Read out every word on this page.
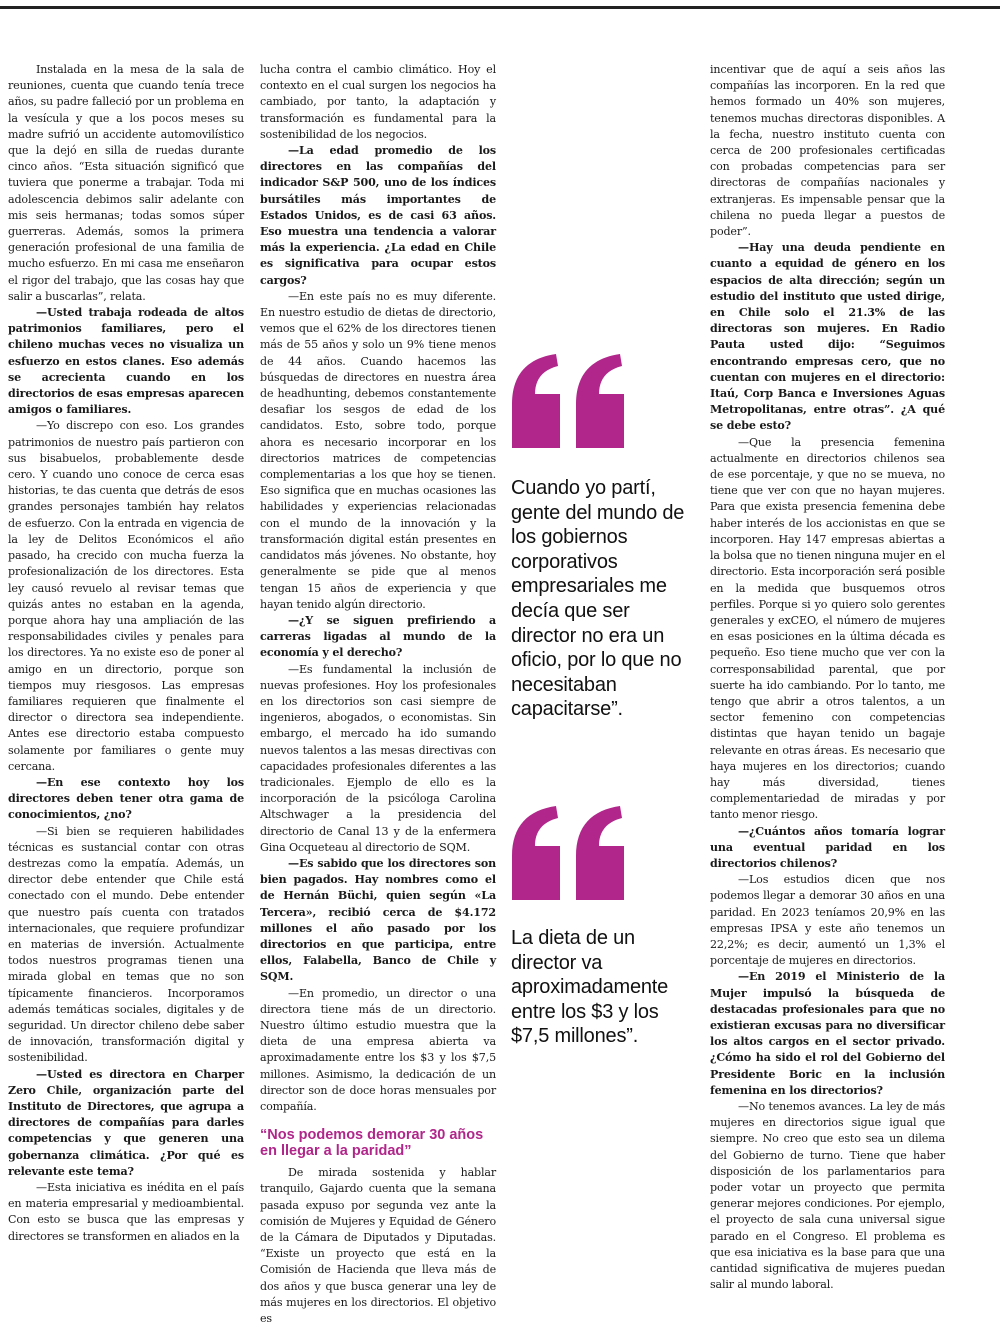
Instalada en la mesa de la sala de reuniones, cuenta que cuando tenía trece años, su padre falleció por un problema en la vesícula y que a los pocos meses su madre sufrió un accidente automovilístico que la dejó en silla de ruedas durante cinco años. “Esta situación significó que tuviera que ponerme a trabajar. Toda mi adolescencia debimos salir adelante con mis seis hermanas; todas somos súper guerreras. Además, somos la primera generación profesional de una familia de mucho esfuerzo. En mi casa me enseñaron el rigor del trabajo, que las cosas hay que salir a buscarlas”, relata.

—Usted trabaja rodeada de altos patrimonios familiares, pero el chileno muchas veces no visualiza un esfuerzo en estos clanes. Eso además se acrecienta cuando en los directorios de esas empresas aparecen amigos o familiares.

—Yo discrepo con eso. Los grandes patrimonios de nuestro país partieron con sus bisabuelos, probablemente desde cero. Y cuando uno conoce de cerca esas historias, te das cuenta que detrás de esos grandes personajes también hay relatos de esfuerzo. Con la entrada en vigencia de la ley de Delitos Económicos el año pasado, ha crecido con mucha fuerza la profesionalización de los directores. Esta ley causó revuelo al revisar temas que quizás antes no estaban en la agenda, porque ahora hay una ampliación de las responsabilidades civiles y penales para los directores. Ya no existe eso de poner al amigo en un directorio, porque son tiempos muy riesgosos. Las empresas familiares requieren que finalmente el director o directora sea independiente. Antes ese directorio estaba compuesto solamente por familiares o gente muy cercana.

—En ese contexto hoy los directores deben tener otra gama de conocimientos, ¿no?

—Si bien se requieren habilidades técnicas es sustancial contar con otras destrezas como la empatía. Además, un director debe entender que Chile está conectado con el mundo. Debe entender que nuestro país cuenta con tratados internacionales, que requiere profundizar en materias de inversión. Actualmente todos nuestros programas tienen una mirada global en temas que no son típicamente financieros. Incorporamos además temáticas sociales, digitales y de seguridad. Un director chileno debe saber de innovación, transformación digital y sostenibilidad.

—Usted es directora en Charper Zero Chile, organización parte del Instituto de Directores, que agrupa a directores de compañías para darles competencias y que generen una gobernanza climática. ¿Por qué es relevante este tema?

—Esta iniciativa es inédita en el país en materia empresarial y medioambiental. Con esto se busca que las empresas y directores se transformen en aliados en la

lucha contra el cambio climático. Hoy el contexto en el cual surgen los negocios ha cambiado, por tanto, la adaptación y transformación es fundamental para la sostenibilidad de los negocios.

—La edad promedio de los directores en las compañías del indicador S&P 500, uno de los índices bursátiles más importantes de Estados Unidos, es de casi 63 años. Eso muestra una tendencia a valorar más la experiencia. ¿La edad en Chile es significativa para ocupar estos cargos?

—En este país no es muy diferente. En nuestro estudio de dietas de directorio, vemos que el 62% de los directores tienen más de 55 años y solo un 9% tiene menos de 44 años. Cuando hacemos las búsquedas de directores en nuestra área de headhunting, debemos constantemente desafiar los sesgos de edad de los candidatos. Esto, sobre todo, porque ahora es necesario incorporar en los directorios matrices de competencias complementarias a los que hoy se tienen. Eso significa que en muchas ocasiones las habilidades y experiencias relacionadas con el mundo de la innovación y la transformación digital están presentes en candidatos más jóvenes. No obstante, hoy generalmente se pide que al menos tengan 15 años de experiencia y que hayan tenido algún directorio.

—¿Y se siguen prefiriendo a carreras ligadas al mundo de la economía y el derecho?

—Es fundamental la inclusión de nuevas profesiones. Hoy los profesionales en los directorios son casi siempre de ingenieros, abogados, o economistas. Sin embargo, el mercado ha ido sumando nuevos talentos a las mesas directivas con capacidades profesionales diferentes a las tradicionales. Ejemplo de ello es la incorporación de la psicóloga Carolina Altschwager a la presidencia del directorio de Canal 13 y de la enfermera Gina Ocqueteau al directorio de SQM.

—Es sabido que los directores son bien pagados. Hay nombres como el de Hernán Büchi, quien según «La Tercera», recibió cerca de $4.172 millones el año pasado por los directorios en que participa, entre ellos, Falabella, Banco de Chile y SQM.

—En promedio, un director o una directora tiene más de un directorio. Nuestro último estudio muestra que la dieta de una empresa abierta va aproximadamente entre los $3 y los $7,5 millones. Asimismo, la dedicación de un director son de doce horas mensuales por compañía.

“Nos podemos demorar 30 años en llegar a la paridad”

De mirada sostenida y hablar tranquilo, Gajardo cuenta que la semana pasada expuso por segunda vez ante la comisión de Mujeres y Equidad de Género de la Cámara de Diputados y Diputadas. “Existe un proyecto que está en la Comisión de Hacienda que lleva más de dos años y que busca generar una ley de más mujeres en los directorios. El objetivo es

Cuando yo partí, gente del mundo de los gobiernos corporativos empresariales me decía que ser director no era un oficio, por lo que no necesitaban capacitarse”.
La dieta de un director va aproximadamente entre los $3 y los $7,5 millones”.

incentivar que de aquí a seis años las compañías las incorporen. En la red que hemos formado un 40% son mujeres, tenemos muchas directoras disponibles. A la fecha, nuestro instituto cuenta con cerca de 200 profesionales certificadas con probadas competencias para ser directoras de compañías nacionales y extranjeras. Es impensable pensar que la chilena no pueda llegar a puestos de poder”.

—Hay una deuda pendiente en cuanto a equidad de género en los espacios de alta dirección; según un estudio del instituto que usted dirige, en Chile solo el 21.3% de las directoras son mujeres. En Radio Pauta usted dijo: “Seguimos encontrando empresas cero, que no cuentan con mujeres en el directorio: Itaú, Corp Banca e Inversiones Aguas Metropolitanas, entre otras”. ¿A qué se debe esto?

—Que la presencia femenina actualmente en directorios chilenos sea de ese porcentaje, y que no se mueva, no tiene que ver con que no hayan mujeres. Para que exista presencia femenina debe haber interés de los accionistas en que se incorporen. Hay 147 empresas abiertas a la bolsa que no tienen ninguna mujer en el directorio. Esta incorporación será posible en la medida que busquemos otros perfiles. Porque si yo quiero solo gerentes generales y exCEO, el número de mujeres en esas posiciones en la última década es pequeño. Eso tiene mucho que ver con la corresponsabilidad parental, que por suerte ha ido cambiando. Por lo tanto, me tengo que abrir a otros talentos, a un sector femenino con competencias distintas que hayan tenido un bagaje relevante en otras áreas. Es necesario que haya mujeres en los directorios; cuando hay más diversidad, tienes complementariedad de miradas y por tanto menor riesgo.

—¿Cuántos años tomaría lograr una eventual paridad en los directorios chilenos?

—Los estudios dicen que nos podemos llegar a demorar 30 años en una paridad. En 2023 teníamos 20,9% en las empresas IPSA y este año tenemos un 22,2%; es decir, aumentó un 1,3% el porcentaje de mujeres en directorios.

—En 2019 el Ministerio de la Mujer impulsó la búsqueda de destacadas profesionales para que no existieran excusas para no diversificar los altos cargos en el sector privado. ¿Cómo ha sido el rol del Gobierno del Presidente Boric en la inclusión femenina en los directorios?

—No tenemos avances. La ley de más mujeres en directorios sigue igual que siempre. No creo que esto sea un dilema del Gobierno de turno. Tiene que haber disposición de los parlamentarios para poder votar un proyecto que permita generar mejores condiciones. Por ejemplo, el proyecto de sala cuna universal sigue parado en el Congreso. El problema es que esa iniciativa es la base para que una cantidad significativa de mujeres puedan salir al mundo laboral.
